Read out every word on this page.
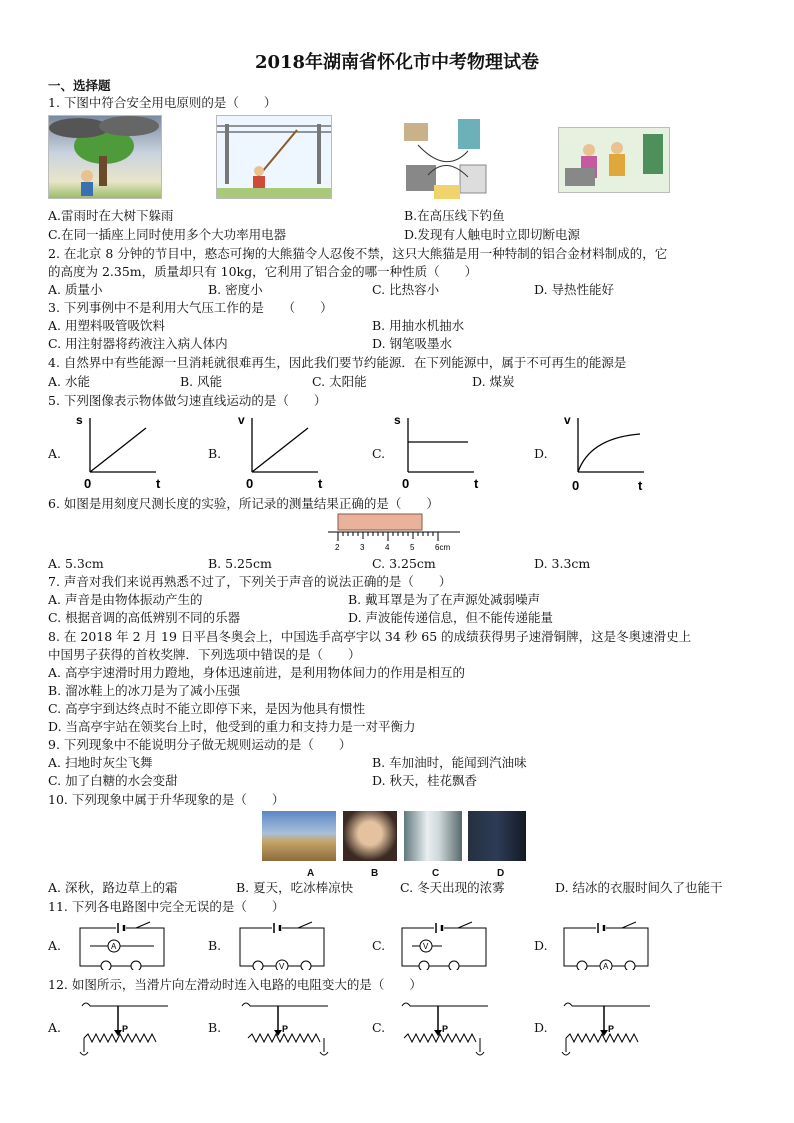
2018年湖南省怀化市中考物理试卷
一、选择题
1. 下图中符合安全用电原则的是（　　）
A.雷雨时在大树下躲雨	B.在高压线下钓鱼
C.在同一插座上同时使用多个大功率用电器	D.发现有人触电时立即切断电源
2. 在北京 8 分钟的节目中，憨态可掬的大熊猫令人忍俊不禁，这只大熊猫是用一种特制的铝合金材料制成的，它
的高度为 2.35m，质量却只有 10kg，它利用了铝合金的哪一种性质（　　）
A. 质量小	B. 密度小	C. 比热容小	D. 导热性能好
3. 下列事例中不是利用大气压工作的是　　（　　）
A. 用塑料吸管吸饮料	B. 用抽水机抽水
C. 用注射器将药液注入病人体内	D. 钢笔吸墨水
4. 自然界中有些能源一旦消耗就很难再生，因此我们要节约能源．在下列能源中，属于不可再生的能源是
A. 水能	B. 风能	C. 太阳能	D. 煤炭
5. 下列图像表示物体做匀速直线运动的是（　　）
A.	B.	C.	D.
s
t
0
v
t
0
s
t
0
v
t
0
6. 如图是用刻度尺测长度的实验，所记录的测量结果正确的是（　　）
2	3	4	5	6cm
A. 5.3cm	B. 5.25cm	C. 3.25cm	D. 3.3cm
7. 声音对我们来说再熟悉不过了，下列关于声音的说法正确的是（　　）
A. 声音是由物体振动产生的	B. 戴耳罩是为了在声源处减弱噪声
C. 根据音调的高低辨别不同的乐器	D. 声波能传递信息，但不能传递能量
8. 在 2018 年 2 月 19 日平昌冬奥会上，中国选手高亭宇以 34 秒 65 的成绩获得男子速滑铜牌，这是冬奥速滑史上
中国男子获得的首枚奖牌．下列选项中错误的是（　　）
A. 高亭宇速滑时用力蹬地，身体迅速前进，是利用物体间力的作用是相互的
B. 溜冰鞋上的冰刀是为了减小压强
C. 高亭宇到达终点时不能立即停下来，是因为他具有惯性
D. 当高亭宇站在领奖台上时，他受到的重力和支持力是一对平衡力
9. 下列现象中不能说明分子做无规则运动的是（　　）
A. 扫地时灰尘飞舞	B. 车加油时，能闻到汽油味
C. 加了白糖的水会变甜	D. 秋天，桂花飘香
10. 下列现象中属于升华现象的是（　　）
A	B	C	D
A. 深秋，路边草上的霜	B. 夏天，吃冰棒凉快	C. 冬天出现的浓雾	D. 结冰的衣服时间久了也能干
11. 下列各电路图中完全无误的是（　　）
A.	B.	C.	D.
A
V
V
A
12. 如图所示，当滑片向左滑动时连入电路的电阻变大的是（　　）
A.	B.	C.	D.
P	P	P	P
